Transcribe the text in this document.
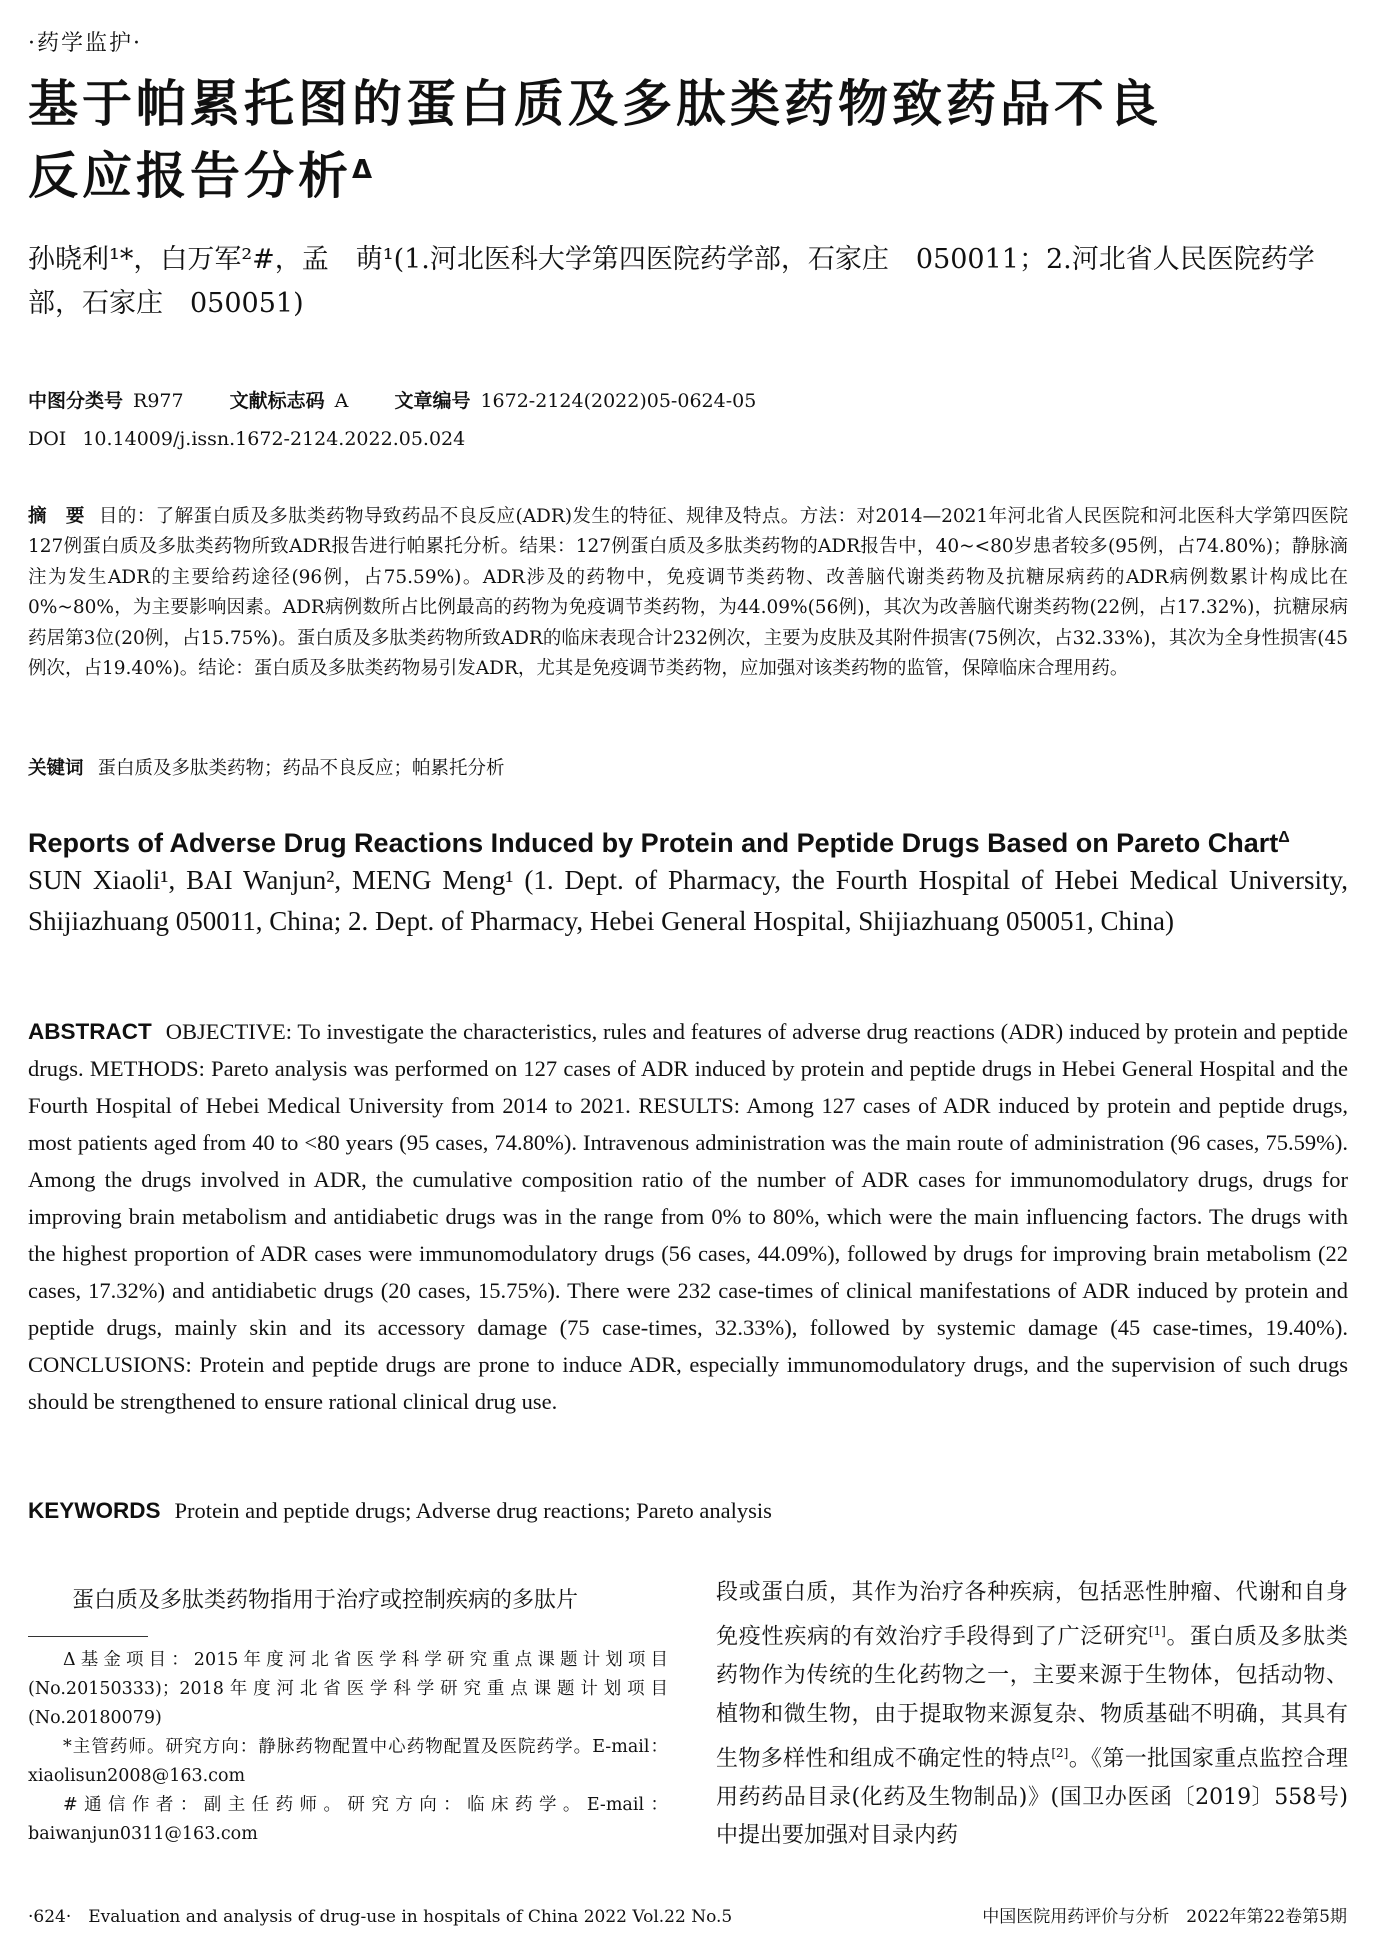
·药学监护·
基于帕累托图的蛋白质及多肽类药物致药品不良
反应报告分析$^\Delta$
孙晓利¹*，白万军²#，孟　萌¹(1.河北医科大学第四医院药学部，石家庄　050011；2.河北省人民医院药学部，石家庄　050051)
中图分类号 R977 文献标志码 A 文章编号 1672-2124(2022)05-0624-05
DOI 10.14009/j.issn.1672-2124.2022.05.024
摘　要 目的：了解蛋白质及多肽类药物导致药品不良反应(ADR)发生的特征、规律及特点。方法：对2014—2021年河北省人民医院和河北医科大学第四医院127例蛋白质及多肽类药物所致ADR报告进行帕累托分析。结果：127例蛋白质及多肽类药物的ADR报告中，40~<80岁患者较多(95例，占74.80%)；静脉滴注为发生ADR的主要给药途径(96例，占75.59%)。ADR涉及的药物中，免疫调节类药物、改善脑代谢类药物及抗糖尿病药的ADR病例数累计构成比在0%~80%，为主要影响因素。ADR病例数所占比例最高的药物为免疫调节类药物，为44.09%(56例)，其次为改善脑代谢类药物(22例，占17.32%)，抗糖尿病药居第3位(20例，占15.75%)。蛋白质及多肽类药物所致ADR的临床表现合计232例次，主要为皮肤及其附件损害(75例次，占32.33%)，其次为全身性损害(45例次，占19.40%)。结论：蛋白质及多肽类药物易引发ADR，尤其是免疫调节类药物，应加强对该类药物的监管，保障临床合理用药。
关键词 蛋白质及多肽类药物；药品不良反应；帕累托分析
Reports of Adverse Drug Reactions Induced by Protein and Peptide Drugs Based on Pareto Chart$^\Delta$
SUN Xiaoli¹, BAI Wanjun², MENG Meng¹ (1. Dept. of Pharmacy, the Fourth Hospital of Hebei Medical University, Shijiazhuang 050011, China; 2. Dept. of Pharmacy, Hebei General Hospital, Shijiazhuang 050051, China)
ABSTRACT OBJECTIVE: To investigate the characteristics, rules and features of adverse drug reactions (ADR) induced by protein and peptide drugs. METHODS: Pareto analysis was performed on 127 cases of ADR induced by protein and peptide drugs in Hebei General Hospital and the Fourth Hospital of Hebei Medical University from 2014 to 2021. RESULTS: Among 127 cases of ADR induced by protein and peptide drugs, most patients aged from 40 to <80 years (95 cases, 74.80%). Intravenous administration was the main route of administration (96 cases, 75.59%). Among the drugs involved in ADR, the cumulative composition ratio of the number of ADR cases for immunomodulatory drugs, drugs for improving brain metabolism and antidiabetic drugs was in the range from 0% to 80%, which were the main influencing factors. The drugs with the highest proportion of ADR cases were immunomodulatory drugs (56 cases, 44.09%), followed by drugs for improving brain metabolism (22 cases, 17.32%) and antidiabetic drugs (20 cases, 15.75%). There were 232 case-times of clinical manifestations of ADR induced by protein and peptide drugs, mainly skin and its accessory damage (75 case-times, 32.33%), followed by systemic damage (45 case-times, 19.40%). CONCLUSIONS: Protein and peptide drugs are prone to induce ADR, especially immunomodulatory drugs, and the supervision of such drugs should be strengthened to ensure rational clinical drug use.
KEYWORDS Protein and peptide drugs; Adverse drug reactions; Pareto analysis
蛋白质及多肽类药物指用于治疗或控制疾病的多肽片

Δ基金项目：2015年度河北省医学科学研究重点课题计划项目(No.20150333)；2018年度河北省医学科学研究重点课题计划项目(No.20180079)

*主管药师。研究方向：静脉药物配置中心药物配置及医院药学。E-mail：xiaolisun2008@163.com

#通信作者：副主任药师。研究方向：临床药学。E-mail：baiwanjun0311@163.com

段或蛋白质，其作为治疗各种疾病，包括恶性肿瘤、代谢和自身免疫性疾病的有效治疗手段得到了广泛研究[1]。蛋白质及多肽类药物作为传统的生化药物之一，主要来源于生物体，包括动物、植物和微生物，由于提取物来源复杂、物质基础不明确，其具有生物多样性和组成不确定性的特点[2]。《第一批国家重点监控合理用药药品目录(化药及生物制品)》(国卫办医函〔2019〕558号)中提出要加强对目录内药
·624·　Evaluation and analysis of drug-use in hospitals of China 2022 Vol.22 No.5	中国医院用药评价与分析　2022年第22卷第5期
